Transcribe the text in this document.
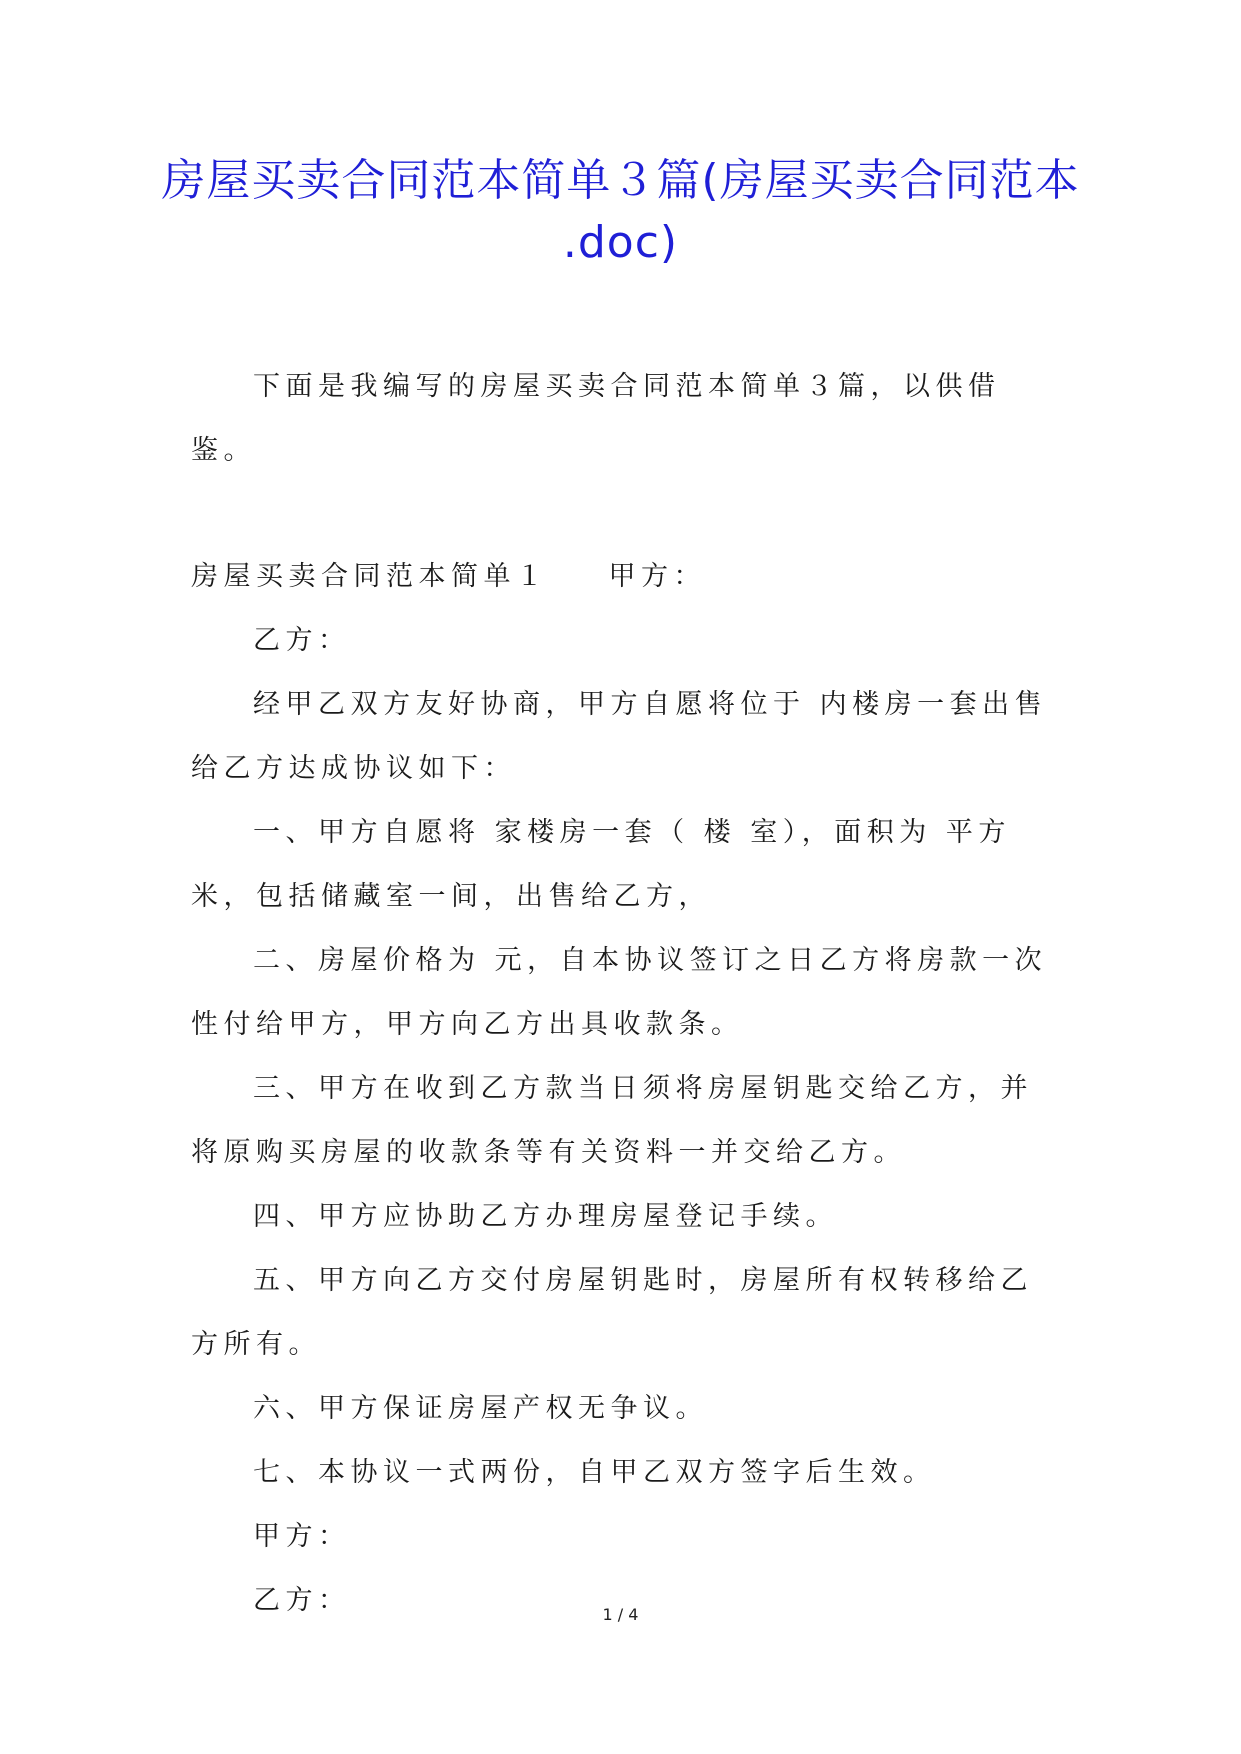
房屋买卖合同范本简单３篇(房屋买卖合同范本 .doc)

下面是我编写的房屋买卖合同范本简单３篇，以供借鉴。

房屋买卖合同范本简单１ 甲方：

乙方：

经甲乙双方友好协商，甲方自愿将位于 内楼房一套出售给乙方达成协议如下：

一、甲方自愿将 家楼房一套（ 楼 室），面积为 平方米，包括储藏室一间，出售给乙方，

二、房屋价格为 元，自本协议签订之日乙方将房款一次性付给甲方，甲方向乙方出具收款条。

三、甲方在收到乙方款当日须将房屋钥匙交给乙方，并将原购买房屋的收款条等有关资料一并交给乙方。

四、甲方应协助乙方办理房屋登记手续。

五、甲方向乙方交付房屋钥匙时，房屋所有权转移给乙方所有。

六、甲方保证房屋产权无争议。

七、本协议一式两份，自甲乙双方签字后生效。

甲方：

乙方：	1 / 4
